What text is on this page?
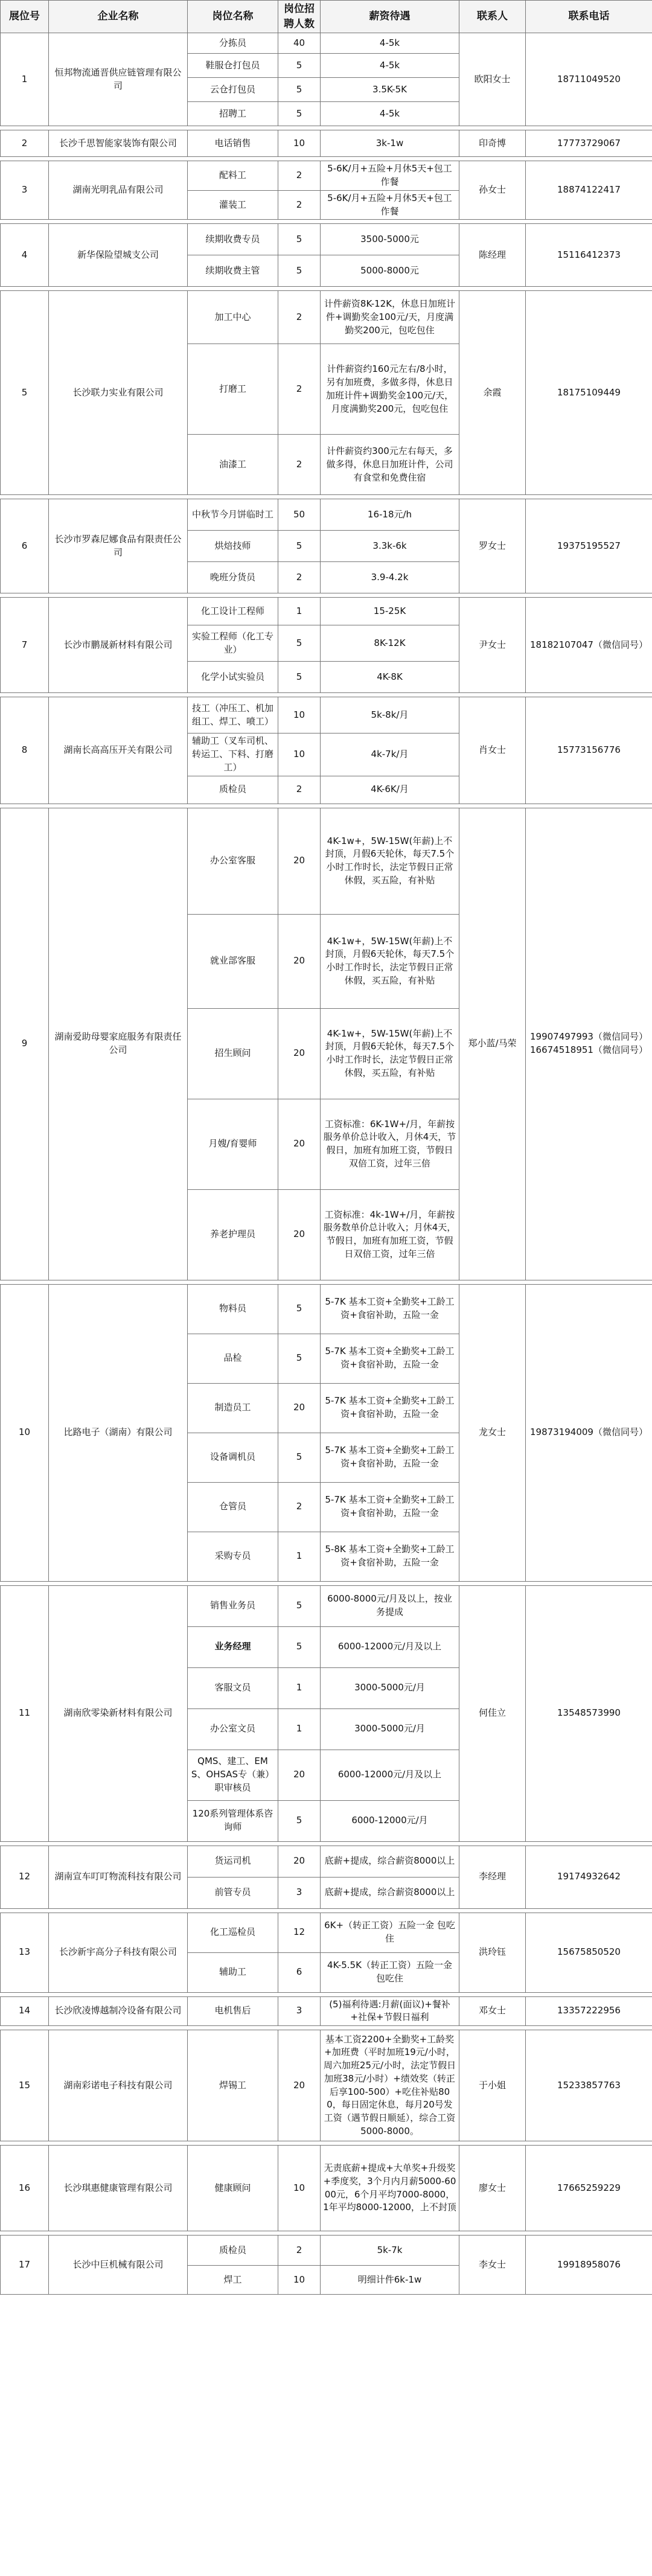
展位号	企业名称	岗位名称	岗位招聘人数	薪资待遇	联系人	联系电话
1	恒邦物流通晋供应链管理有限公司	分拣员	40	4-5k	欧阳女士	18711049520
		鞋服仓打包员	5	4-5k		
		云仓打包员	5	3.5K-5K		
		招聘工	5	4-5k		

2	长沙千思智能家装饰有限公司	电话销售	10	3k-1w	印奇博	17773729067

3	湖南光明乳品有限公司	配料工	2	5-6K/月+五险+月休5天+包工作餐	孙女士	18874122417
		灌装工	2	5-6K/月+五险+月休5天+包工作餐		

4	新华保险望城支公司	续期收费专员	5	3500-5000元	陈经理	15116412373
		续期收费主管	5	5000-8000元		

5	长沙联力实业有限公司	加工中心	2	计件薪资8K-12K，休息日加班计件+调勤奖金100元/天，月度满勤奖200元，包吃包住	余霞	18175109449
		打磨工	2	计件薪资约160元左右/8小时，另有加班费，多做多得，休息日加班计件+调勤奖金100元/天，月度满勤奖200元，包吃包住		
		油漆工	2	计件薪资约300元左右每天，多做多得，休息日加班计件，公司有食堂和免费住宿		

6	长沙市罗森尼娜食品有限责任公司	中秋节今月饼临时工	50	16-18元/h	罗女士	19375195527
		烘焙技师	5	3.3k-6k		
		晚班分货员	2	3.9-4.2k		

7	长沙市鹏晟新材料有限公司	化工设计工程师	1	15-25K	尹女士	18182107047（微信同号）
		实验工程师（化工专业）	5	8K-12K		
		化学小试实验员	5	4K-8K		

8	湖南长高高压开关有限公司	技工（冲压工、机加组工、焊工、喷工）	10	5k-8k/月	肖女士	15773156776
		辅助工（叉车司机、转运工、下料、打磨工）	10	4k-7k/月		
		质检员	2	4K-6K/月		

9	湖南爱助母婴家庭服务有限责任公司	办公室客服	20	4K-1w+，5W-15W(年薪)上不封顶，月假6天轮休，每天7.5个小时工作时长，法定节假日正常休假，买五险，有补贴	郑小蓝/马荣	19907497993（微信同号）16674518951（微信同号）
		就业部客服	20	4K-1w+，5W-15W(年薪)上不封顶，月假6天轮休，每天7.5个小时工作时长，法定节假日正常休假，买五险，有补贴		
		招生顾问	20	4K-1w+，5W-15W(年薪)上不封顶，月假6天轮休，每天7.5个小时工作时长，法定节假日正常休假，买五险，有补贴		
		月嫂/育婴师	20	工资标准：6K-1W+/月，年薪按服务单价总计收入，月休4天，节假日，加班有加班工资，节假日双倍工资，过年三倍		
		养老护理员	20	工资标准：4k-1W+/月，年薪按服务数单价总计收入；月休4天，节假日，加班有加班工资，节假日双倍工资，过年三倍		

10	比路电子（湖南）有限公司	物料员	5	5-7K 基本工资+全勤奖+工龄工资+食宿补助，五险一金	龙女士	19873194009（微信同号）
		品检	5	5-7K 基本工资+全勤奖+工龄工资+食宿补助，五险一金		
		制造员工	20	5-7K 基本工资+全勤奖+工龄工资+食宿补助，五险一金		
		设备调机员	5	5-7K 基本工资+全勤奖+工龄工资+食宿补助，五险一金		
		仓管员	2	5-7K 基本工资+全勤奖+工龄工资+食宿补助，五险一金		
		采购专员	1	5-8K 基本工资+全勤奖+工龄工资+食宿补助，五险一金		

11	湖南欣零染新材料有限公司	销售业务员	5	6000-8000元/月及以上，按业务提成	何佳立	13548573990
		业务经理	5	6000-12000元/月及以上		
		客服文员	1	3000-5000元/月		
		办公室文员	1	3000-5000元/月		
		QMS、建工、EMS、OHSAS专（兼）职审核员	20	6000-12000元/月及以上		
		120系列管理体系咨询师	5	6000-12000元/月		

12	湖南宣车叮叮物流科技有限公司	货运司机	20	底薪+提成，综合薪资8000以上	李经理	19174932642
		前管专员	3	底薪+提成，综合薪资8000以上		

13	长沙新宇高分子科技有限公司	化工巡检员	12	6K+（转正工资）五险一金 包吃住	洪玲钰	15675850520
		辅助工	6	4K-5.5K（转正工资）五险一金 包吃住		

14	长沙欣凌博越制冷设备有限公司	电机售后	3	(5)福利待遇:月薪(面议)+餐补+社保+节假日福利	邓女士	13357222956

15	湖南彩诺电子科技有限公司	焊锡工	20	基本工资2200+全勤奖+工龄奖+加班费（平时加班19元/小时，周六加班25元/小时，法定节假日加班38元/小时）+绩效奖（转正后享100-500）+吃住补贴800，每日固定休息，每月20号发工资（遇节假日顺延），综合工资5000-8000。	于小姐	15233857763

16	长沙琪惠健康管理有限公司	健康顾问	10	无责底薪+提成+大单奖+升级奖+季度奖，3个月内月薪5000-6000元，6个月平均7000-8000，1年平均8000-12000，上不封顶	廖女士	17665259229

17	长沙中巨机械有限公司	质检员	2	5k-7k	李女士	19918958076
		焊工	10	明细计件6k-1w		
